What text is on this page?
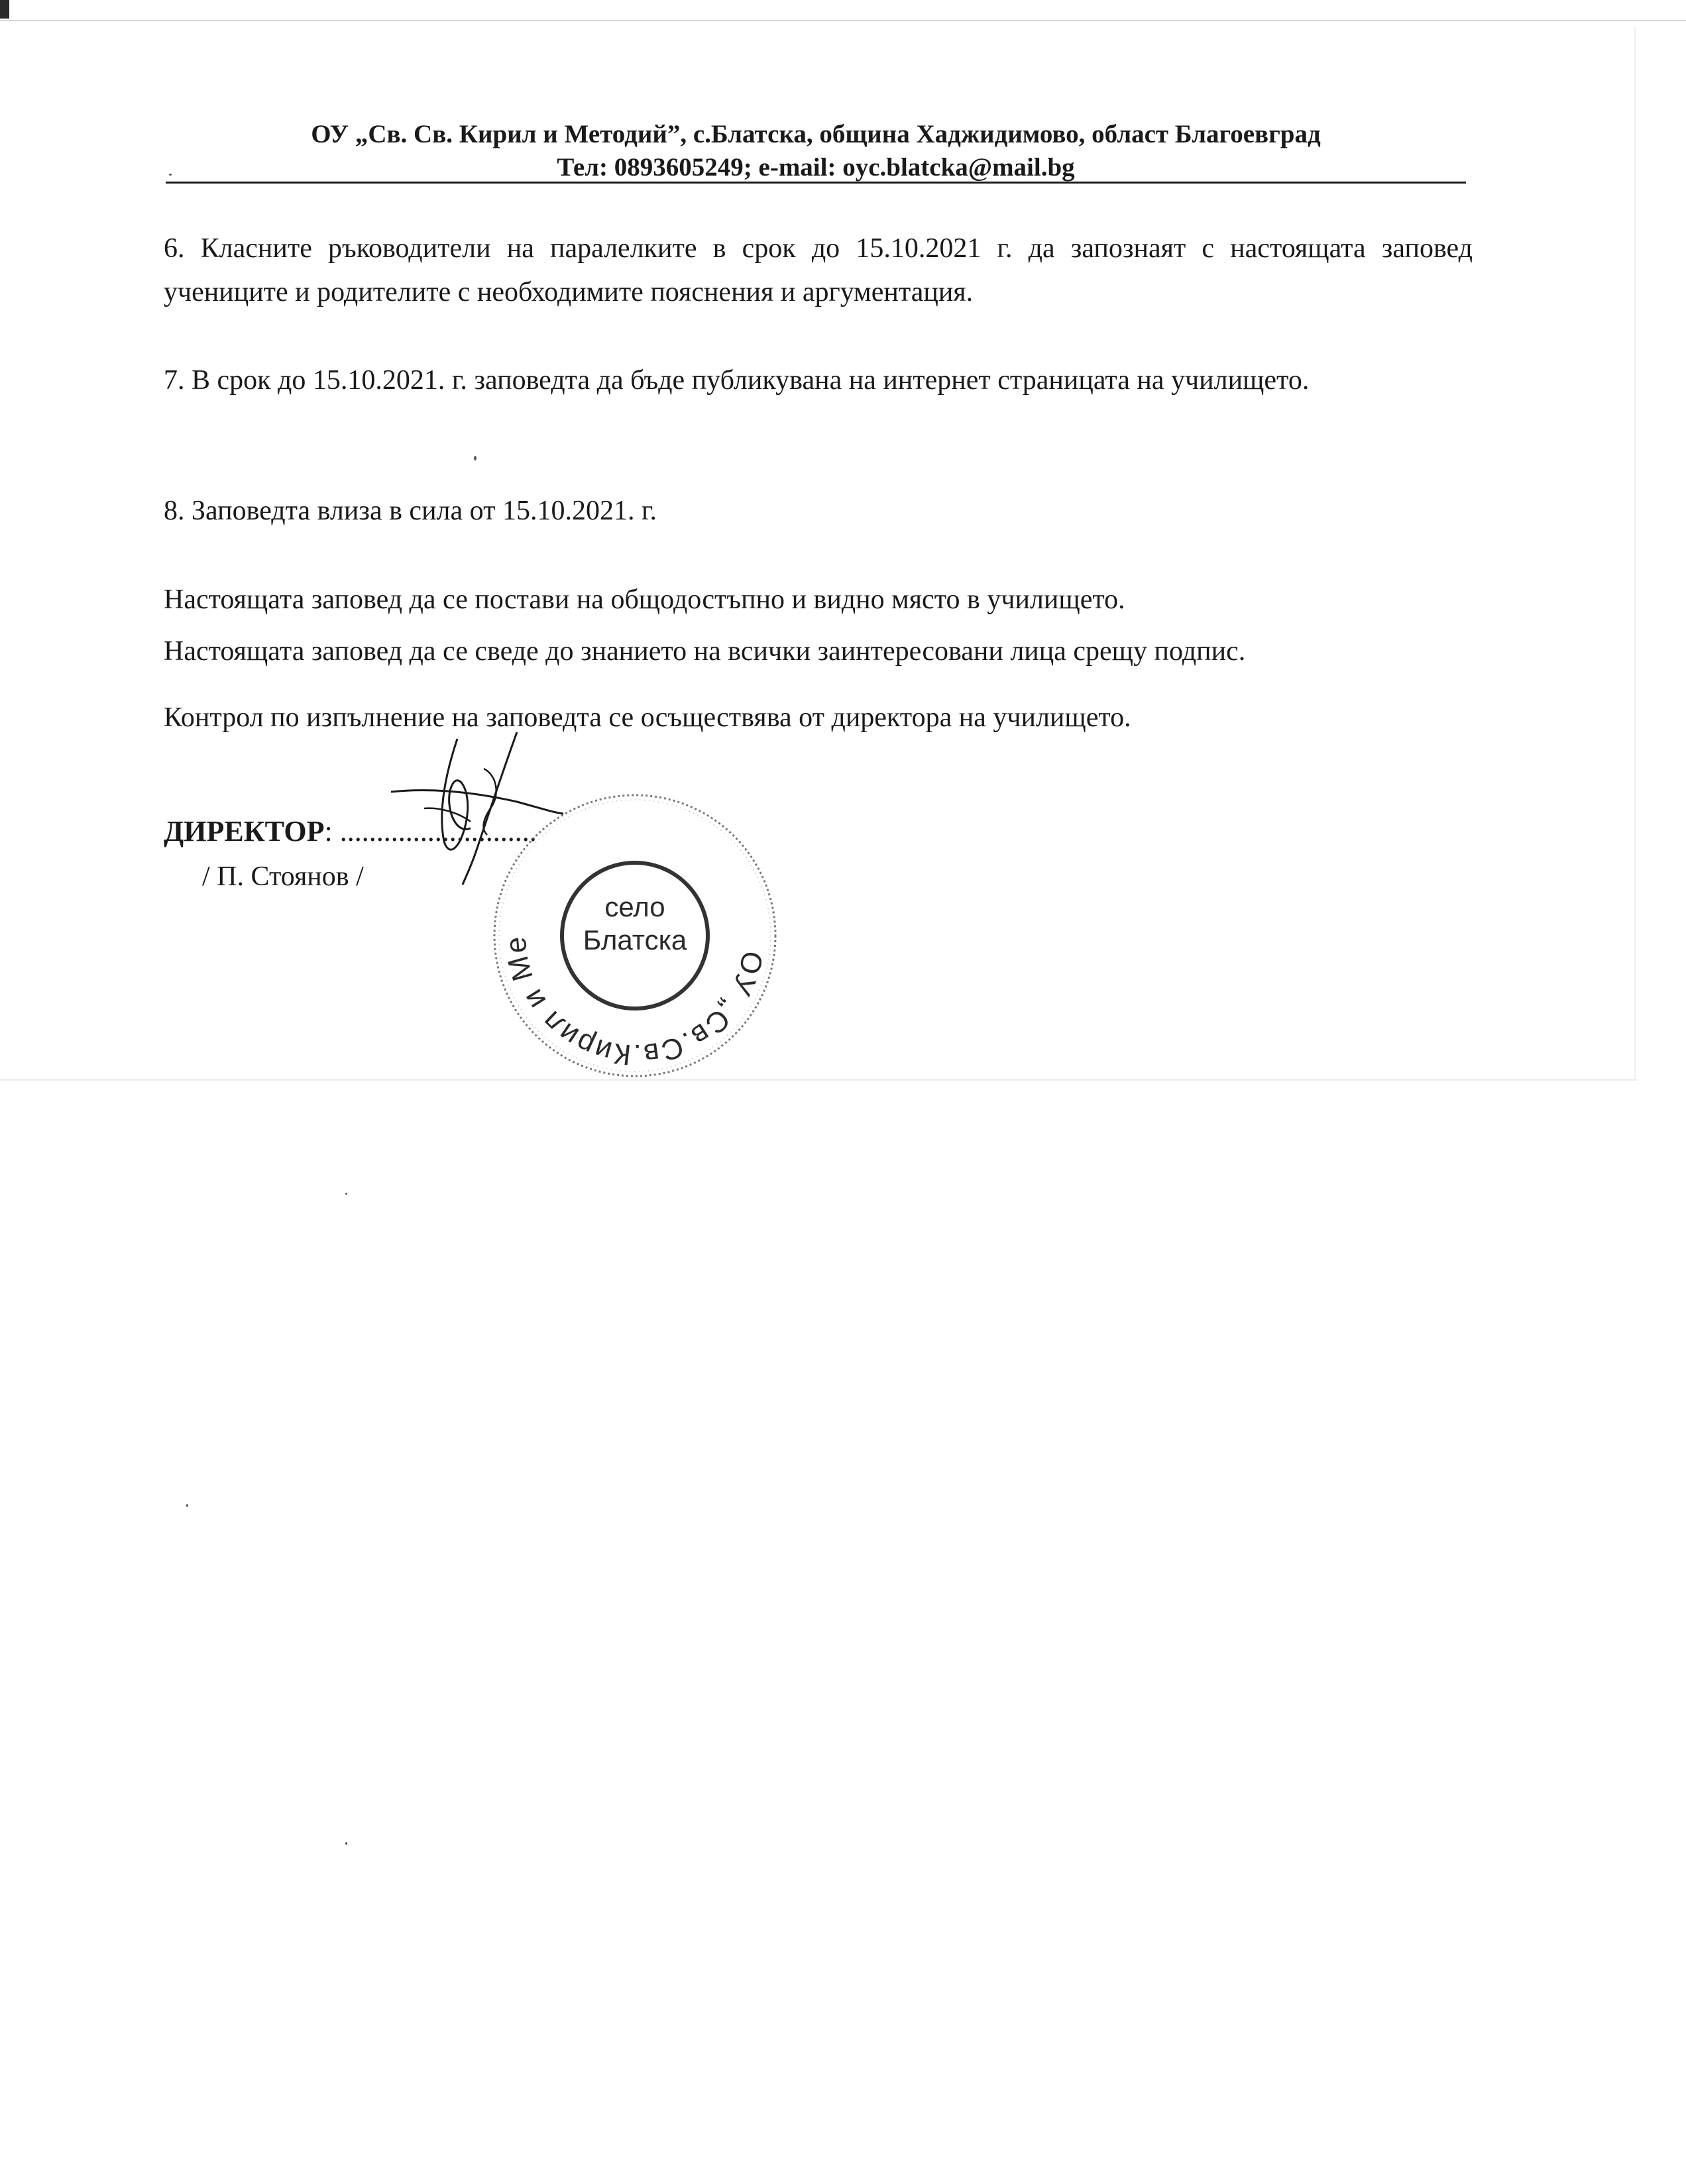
ОУ „Св. Св. Кирил и Методий”, с.Блатска, община Хаджидимово, област Благоевград
Тел: 0893605249; e-mail: oyc.blatcka@mail.bg
6. Класните ръководители на паралелките в срок до 15.10.2021 г. да запознаят с настоящата заповед учениците и родителите с необходимите пояснения и аргументация.
7. В срок до 15.10.2021. г. заповедта да бъде публикувана на интернет страницата на училището.
8. Заповедта влиза в сила от 15.10.2021. г.
Настоящата заповед да се постави на общодостъпно и видно място в училището.
Настоящата заповед да се сведе до знанието на всички заинтересовани лица срещу подпис.
Контрол по изпълнение на заповедта се осъществява от директора на училището.
ДИРЕКТОР: ...........................
/ П. Стоянов /
ОУ „Св.Св.Кирил и Ме
село
Блатска
